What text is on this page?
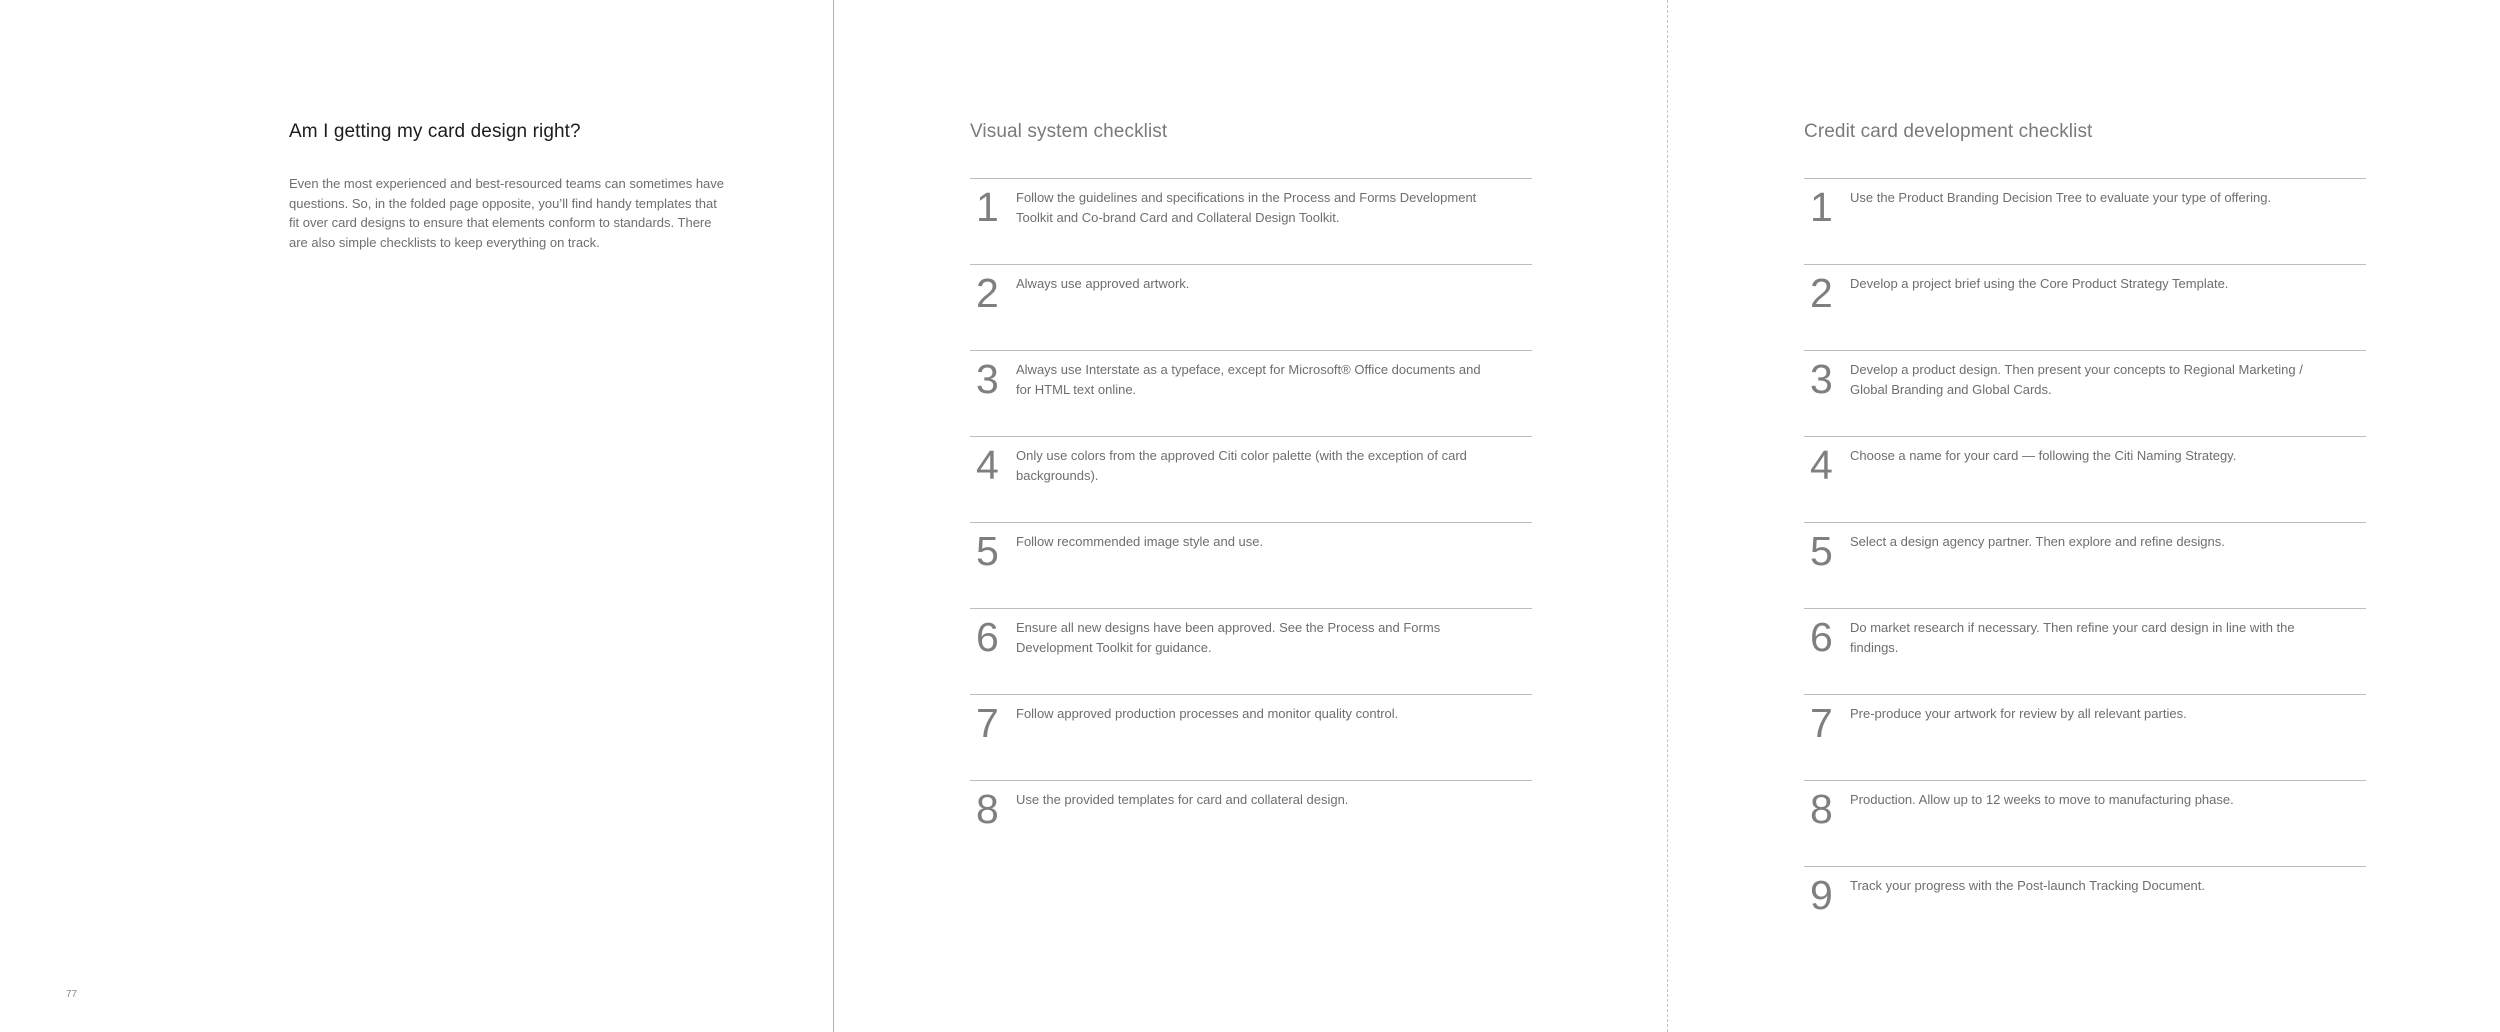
Am I getting my card design right?
Even the most experienced and best-resourced teams can sometimes have questions. So, in the folded page opposite, you’ll find handy templates that fit over card designs to ensure that elements conform to standards. There are also simple checklists to keep everything on track.
77
Visual system checklist
1 Follow the guidelines and specifications in the Process and Forms Development Toolkit and Co-brand Card and Collateral Design Toolkit.
2 Always use approved artwork.
3 Always use Interstate as a typeface, except for Microsoft® Office documents and for HTML text online.
4 Only use colors from the approved Citi color palette (with the exception of card backgrounds).
5 Follow recommended image style and use.
6 Ensure all new designs have been approved. See the Process and Forms Development Toolkit for guidance.
7 Follow approved production processes and monitor quality control.
8 Use the provided templates for card and collateral design.
Credit card development checklist
1 Use the Product Branding Decision Tree to evaluate your type of offering.
2 Develop a project brief using the Core Product Strategy Template.
3 Develop a product design. Then present your concepts to Regional Marketing / Global Branding and Global Cards.
4 Choose a name for your card — following the Citi Naming Strategy.
5 Select a design agency partner. Then explore and refine designs.
6 Do market research if necessary. Then refine your card design in line with the findings.
7 Pre-produce your artwork for review by all relevant parties.
8 Production. Allow up to 12 weeks to move to manufacturing phase.
9 Track your progress with the Post-launch Tracking Document.
